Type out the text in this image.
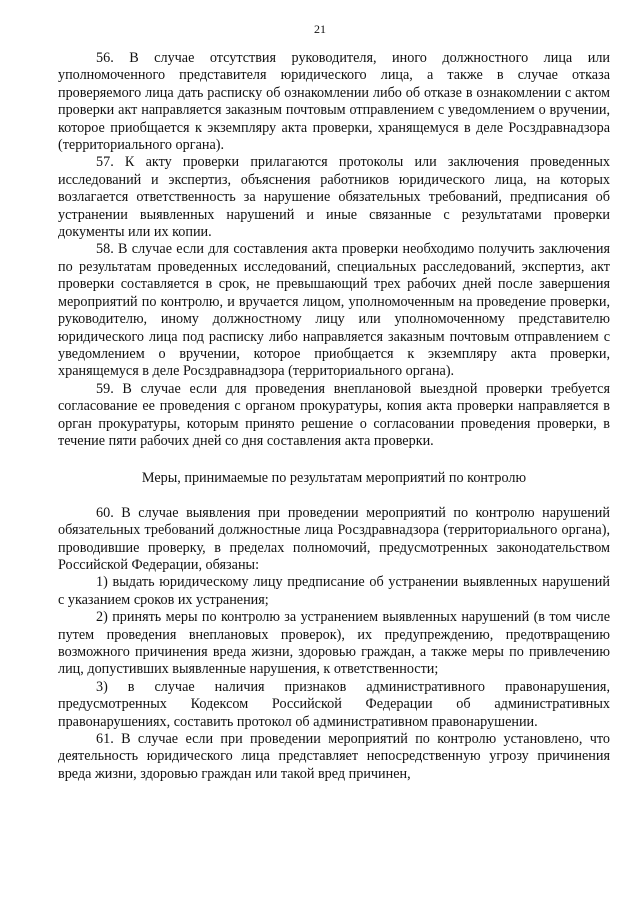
21

56. В случае отсутствия руководителя, иного должностного лица или уполномоченного представителя юридического лица, а также в случае отказа проверяемого лица дать расписку об ознакомлении либо об отказе в ознакомлении с актом проверки акт направляется заказным почтовым отправлением с уведомлением о вручении, которое приобщается к экземпляру акта проверки, хранящемуся в деле Росздравнадзора (территориального органа).

57. К акту проверки прилагаются протоколы или заключения проведенных исследований и экспертиз, объяснения работников юридического лица, на которых возлагается ответственность за нарушение обязательных требований, предписания об устранении выявленных нарушений и иные связанные с результатами проверки документы или их копии.

58. В случае если для составления акта проверки необходимо получить заключения по результатам проведенных исследований, специальных расследований, экспертиз, акт проверки составляется в срок, не превышающий трех рабочих дней после завершения мероприятий по контролю, и вручается лицом, уполномоченным на проведение проверки, руководителю, иному должностному лицу или уполномоченному представителю юридического лица под расписку либо направляется заказным почтовым отправлением с уведомлением о вручении, которое приобщается к экземпляру акта проверки, хранящемуся в деле Росздравнадзора (территориального органа).

59. В случае если для проведения внеплановой выездной проверки требуется согласование ее проведения с органом прокуратуры, копия акта проверки направляется в орган прокуратуры, которым принято решение о согласовании проведения проверки, в течение пяти рабочих дней со дня составления акта проверки.

Меры, принимаемые по результатам мероприятий по контролю

60. В случае выявления при проведении мероприятий по контролю нарушений обязательных требований должностные лица Росздравнадзора (территориального органа), проводившие проверку, в пределах полномочий, предусмотренных законодательством Российской Федерации, обязаны:

1) выдать юридическому лицу предписание об устранении выявленных нарушений с указанием сроков их устранения;

2) принять меры по контролю за устранением выявленных нарушений (в том числе путем проведения внеплановых проверок), их предупреждению, предотвращению возможного причинения вреда жизни, здоровью граждан, а также меры по привлечению лиц, допустивших выявленные нарушения, к ответственности;

3) в случае наличия признаков административного правонарушения, предусмотренных Кодексом Российской Федерации об административных правонарушениях, составить протокол об административном правонарушении.

61. В случае если при проведении мероприятий по контролю установлено, что деятельность юридического лица представляет непосредственную угрозу причинения вреда жизни, здоровью граждан или такой вред причинен,
